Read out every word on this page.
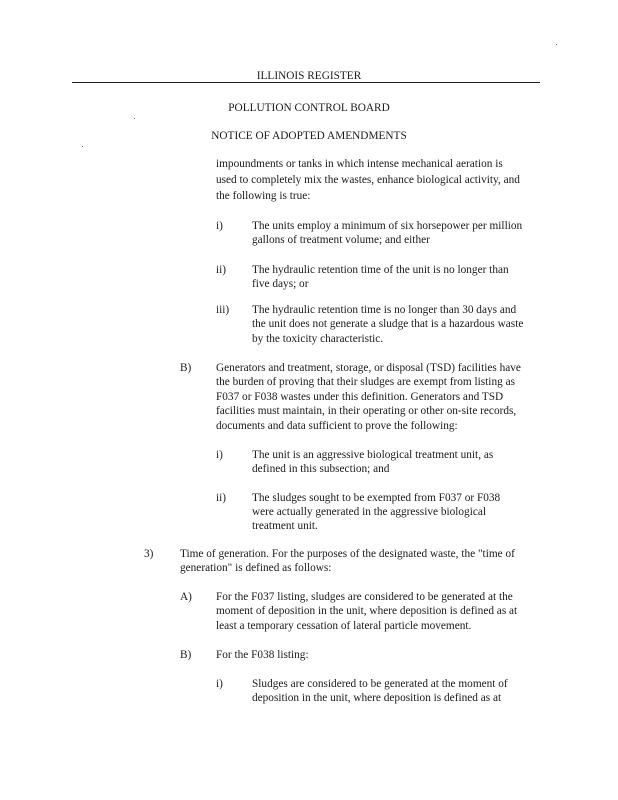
ILLINOIS REGISTER
POLLUTION CONTROL BOARD
NOTICE OF ADOPTED AMENDMENTS
impoundments or tanks in which intense mechanical aeration is
used to completely mix the wastes, enhance biological activity, and
the following is true:
i)	The units employ a minimum of six horsepower per million
gallons of treatment volume; and either
ii) The hydraulic retention time of the unit is no longer than
five days; or
iii) The hydraulic retention time is no longer than 30 days and
the unit does not generate a sludge that is a hazardous waste
by the toxicity characteristic.
B) Generators and treatment, storage, or disposal (TSD) facilities have
the burden of proving that their sludges are exempt from listing as
F037 or F038 wastes under this definition. Generators and TSD
facilities must maintain, in their operating or other on-site records,
documents and data sufficient to prove the following:
i)	The unit is an aggressive biological treatment unit, as
defined in this subsection; and
ii) The sludges sought to be exempted from F037 or F038
were actually generated in the aggressive biological
treatment unit.
3) Time of generation. For the purposes of the designated waste, the "time of
generation" is defined as follows:
A) For the F037 listing, sludges are considered to be generated at the
moment of deposition in the unit, where deposition is defined as at
least a temporary cessation of lateral particle movement.
B) For the F038 listing:
i)	Sludges are considered to be generated at the moment of
deposition in the unit, where deposition is defined as at
